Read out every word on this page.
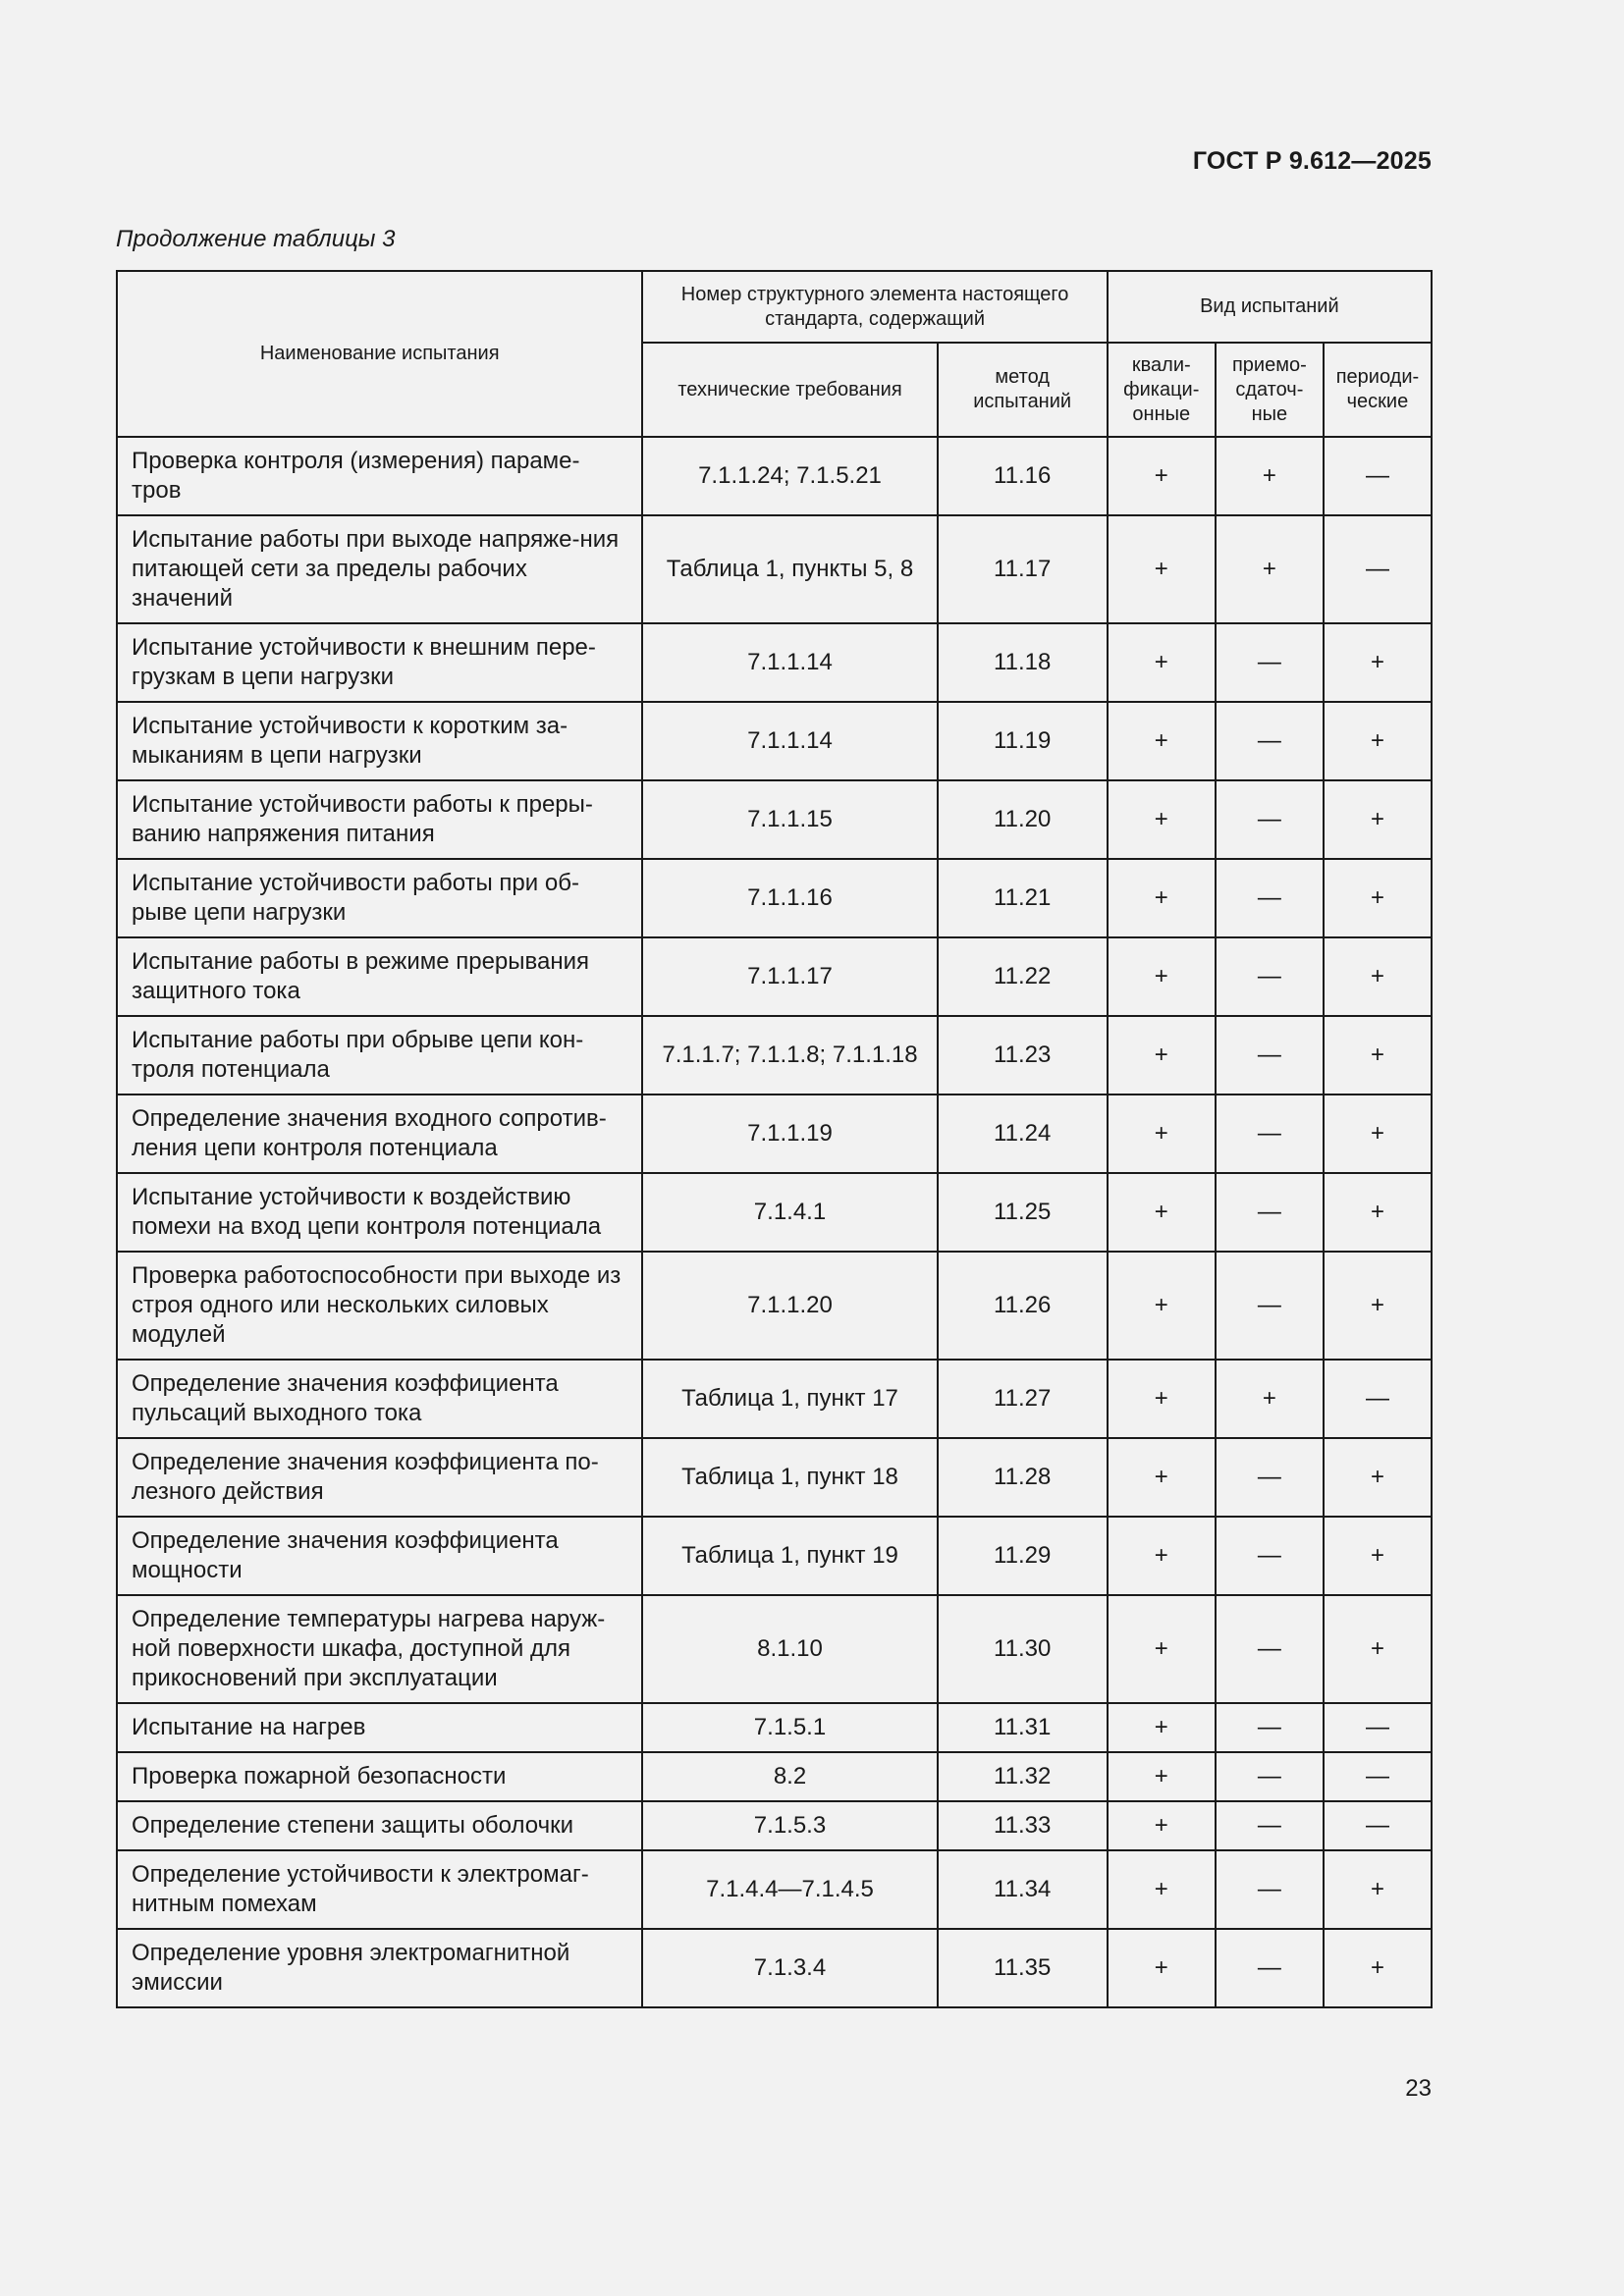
ГОСТ Р 9.612—2025
Продолжение таблицы 3
Наименование испытания	Номер структурного элемента настоящего стандарта, содержащий		Вид испытаний		
	технические требования	метод испытаний	квали-фикаци-онные	приемо-сдаточ-ные	периоди-ческие
Проверка контроля (измерения) параме-тров	7.1.1.24; 7.1.5.21	11.16	+	+	—
Испытание работы при выходе напряже-ния питающей сети за пределы рабочих значений	Таблица 1, пункты 5, 8	11.17	+	+	—
Испытание устойчивости к внешним пере-грузкам в цепи нагрузки	7.1.1.14	11.18	+	—	+
Испытание устойчивости к коротким за-мыканиям в цепи нагрузки	7.1.1.14	11.19	+	—	+
Испытание устойчивости работы к преры-ванию напряжения питания	7.1.1.15	11.20	+	—	+
Испытание устойчивости работы при об-рыве цепи нагрузки	7.1.1.16	11.21	+	—	+
Испытание работы в режиме прерывания защитного тока	7.1.1.17	11.22	+	—	+
Испытание работы при обрыве цепи кон-троля потенциала	7.1.1.7; 7.1.1.8; 7.1.1.18	11.23	+	—	+
Определение значения входного сопротив-ления цепи контроля потенциала	7.1.1.19	11.24	+	—	+
Испытание устойчивости к воздействию помехи на вход цепи контроля потенциала	7.1.4.1	11.25	+	—	+
Проверка работоспособности при выходе из строя одного или нескольких силовых модулей	7.1.1.20	11.26	+	—	+
Определение значения коэффициента пульсаций выходного тока	Таблица 1, пункт 17	11.27	+	+	—
Определение значения коэффициента по-лезного действия	Таблица 1, пункт 18	11.28	+	—	+
Определение значения коэффициента мощности	Таблица 1, пункт 19	11.29	+	—	+
Определение температуры нагрева наруж-ной поверхности шкафа, доступной для прикосновений при эксплуатации	8.1.10	11.30	+	—	+
Испытание на нагрев	7.1.5.1	11.31	+	—	—
Проверка пожарной безопасности	8.2	11.32	+	—	—
Определение степени защиты оболочки	7.1.5.3	11.33	+	—	—
Определение устойчивости к электромаг-нитным помехам	7.1.4.4—7.1.4.5	11.34	+	—	+
Определение уровня электромагнитной эмиссии	7.1.3.4	11.35	+	—	+
23
